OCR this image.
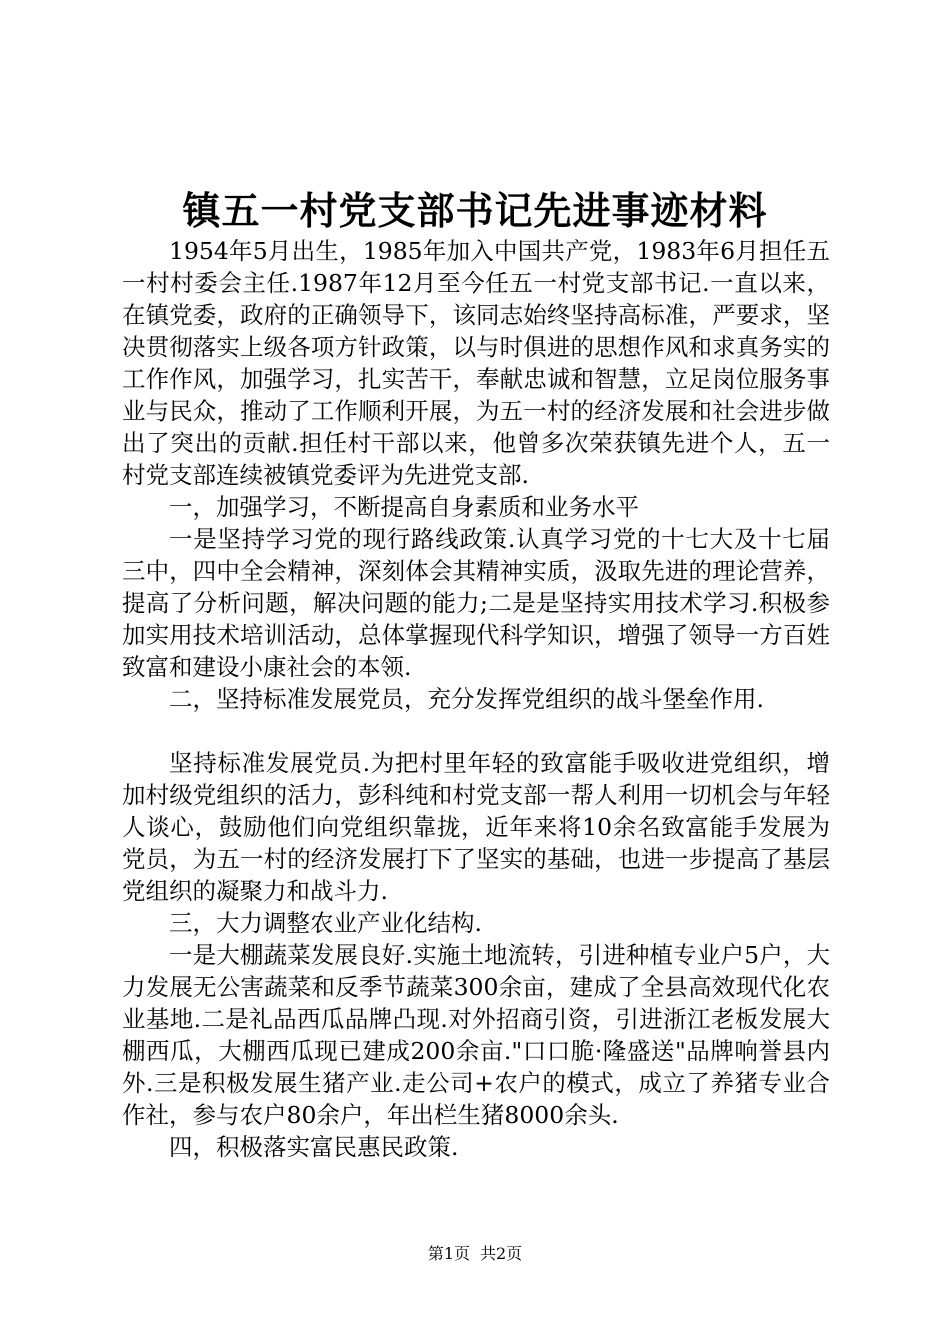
镇五一村党支部书记先进事迹材料

1954年5月出生，1985年加入中国共产党，1983年6月担任五一村村委会主任.1987年12月至今任五一村党支部书记.一直以来，在镇党委，政府的正确领导下，该同志始终坚持高标准，严要求，坚决贯彻落实上级各项方针政策，以与时俱进的思想作风和求真务实的工作作风，加强学习，扎实苦干，奉献忠诚和智慧，立足岗位服务事业与民众，推动了工作顺利开展，为五一村的经济发展和社会进步做出了突出的贡献.担任村干部以来，他曾多次荣获镇先进个人，五一村党支部连续被镇党委评为先进党支部.

一，加强学习，不断提高自身素质和业务水平

一是坚持学习党的现行路线政策.认真学习党的十七大及十七届三中，四中全会精神，深刻体会其精神实质，汲取先进的理论营养，提高了分析问题，解决问题的能力;二是是坚持实用技术学习.积极参加实用技术培训活动，总体掌握现代科学知识，增强了领导一方百姓致富和建设小康社会的本领.

二，坚持标准发展党员，充分发挥党组织的战斗堡垒作用.

坚持标准发展党员.为把村里年轻的致富能手吸收进党组织，增加村级党组织的活力，彭科纯和村党支部一帮人利用一切机会与年轻人谈心，鼓励他们向党组织靠拢，近年来将10余名致富能手发展为党员，为五一村的经济发展打下了坚实的基础，也进一步提高了基层党组织的凝聚力和战斗力.

三，大力调整农业产业化结构.

一是大棚蔬菜发展良好.实施土地流转，引进种植专业户5户，大力发展无公害蔬菜和反季节蔬菜300余亩，建成了全县高效现代化农业基地.二是礼品西瓜品牌凸现.对外招商引资，引进浙江老板发展大棚西瓜，大棚西瓜现已建成200余亩."口口脆·隆盛送"品牌响誉县内外.三是积极发展生猪产业.走公司+农户的模式，成立了养猪专业合作社，参与农户80余户，年出栏生猪8000余头.

四，积极落实富民惠民政策.

第1页 共2页
